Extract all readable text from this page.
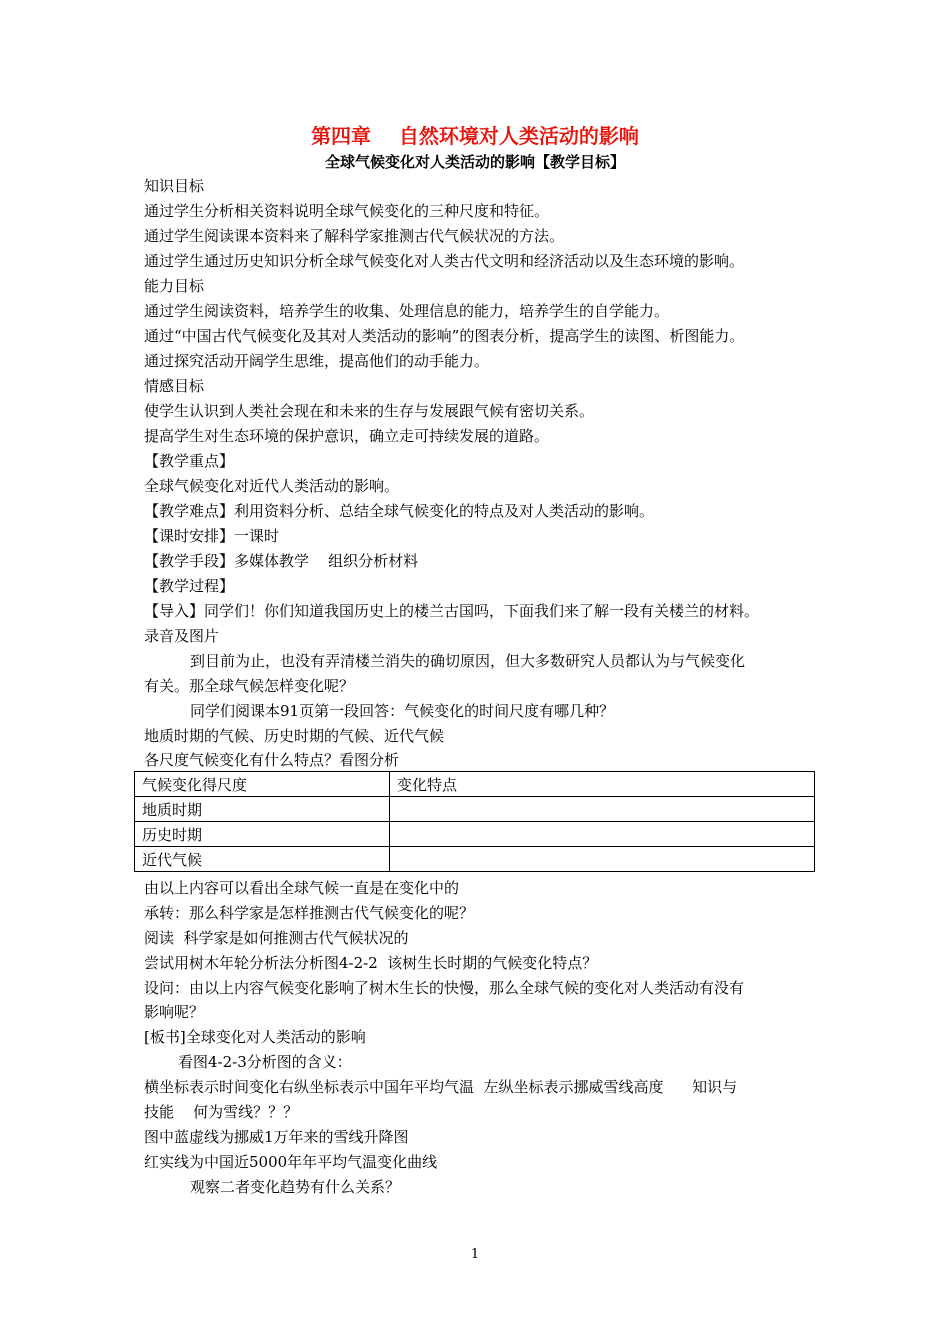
第四章    自然环境对人类活动的影响
全球气候变化对人类活动的影响【教学目标】
知识目标
通过学生分析相关资料说明全球气候变化的三种尺度和特征。
通过学生阅读课本资料来了解科学家推测古代气候状况的方法。
通过学生通过历史知识分析全球气候变化对人类古代文明和经济活动以及生态环境的影响。
能力目标
通过学生阅读资料，培养学生的收集、处理信息的能力，培养学生的自学能力。
通过“中国古代气候变化及其对人类活动的影响”的图表分析，提高学生的读图、析图能力。
通过探究活动开阔学生思维，提高他们的动手能力。
情感目标
使学生认识到人类社会现在和未来的生存与发展跟气候有密切关系。
提高学生对生态环境的保护意识，确立走可持续发展的道路。
【教学重点】
全球气候变化对近代人类活动的影响。
【教学难点】利用资料分析、总结全球气候变化的特点及对人类活动的影响。
【课时安排】一课时
【教学手段】多媒体教学    组织分析材料
【教学过程】
【导入】同学们！你们知道我国历史上的楼兰古国吗，下面我们来了解一段有关楼兰的材料。
录音及图片
到目前为止，也没有弄清楼兰消失的确切原因，但大多数研究人员都认为与气候变化
有关。那全球气候怎样变化呢？
同学们阅课本91页第一段回答：气候变化的时间尺度有哪几种？
地质时期的气候、历史时期的气候、近代气候
各尺度气候变化有什么特点？看图分析
气候变化得尺度	变化特点
地质时期	
历史时期	
近代气候	
由以上内容可以看出全球气候一直是在变化中的
承转：那么科学家是怎样推测古代气候变化的呢？
阅读  科学家是如何推测古代气候状况的
尝试用树木年轮分析法分析图4-2-2  该树生长时期的气候变化特点？
设问：由以上内容气候变化影响了树木生长的快慢，那么全球气候的变化对人类活动有没有
影响呢？
[板书]全球变化对人类活动的影响
看图4-2-3分析图的含义：
横坐标表示时间变化右纵坐标表示中国年平均气温  左纵坐标表示挪威雪线高度      知识与
技能    何为雪线？？？
图中蓝虚线为挪威1万年来的雪线升降图
红实线为中国近5000年年平均气温变化曲线
观察二者变化趋势有什么关系？
1
